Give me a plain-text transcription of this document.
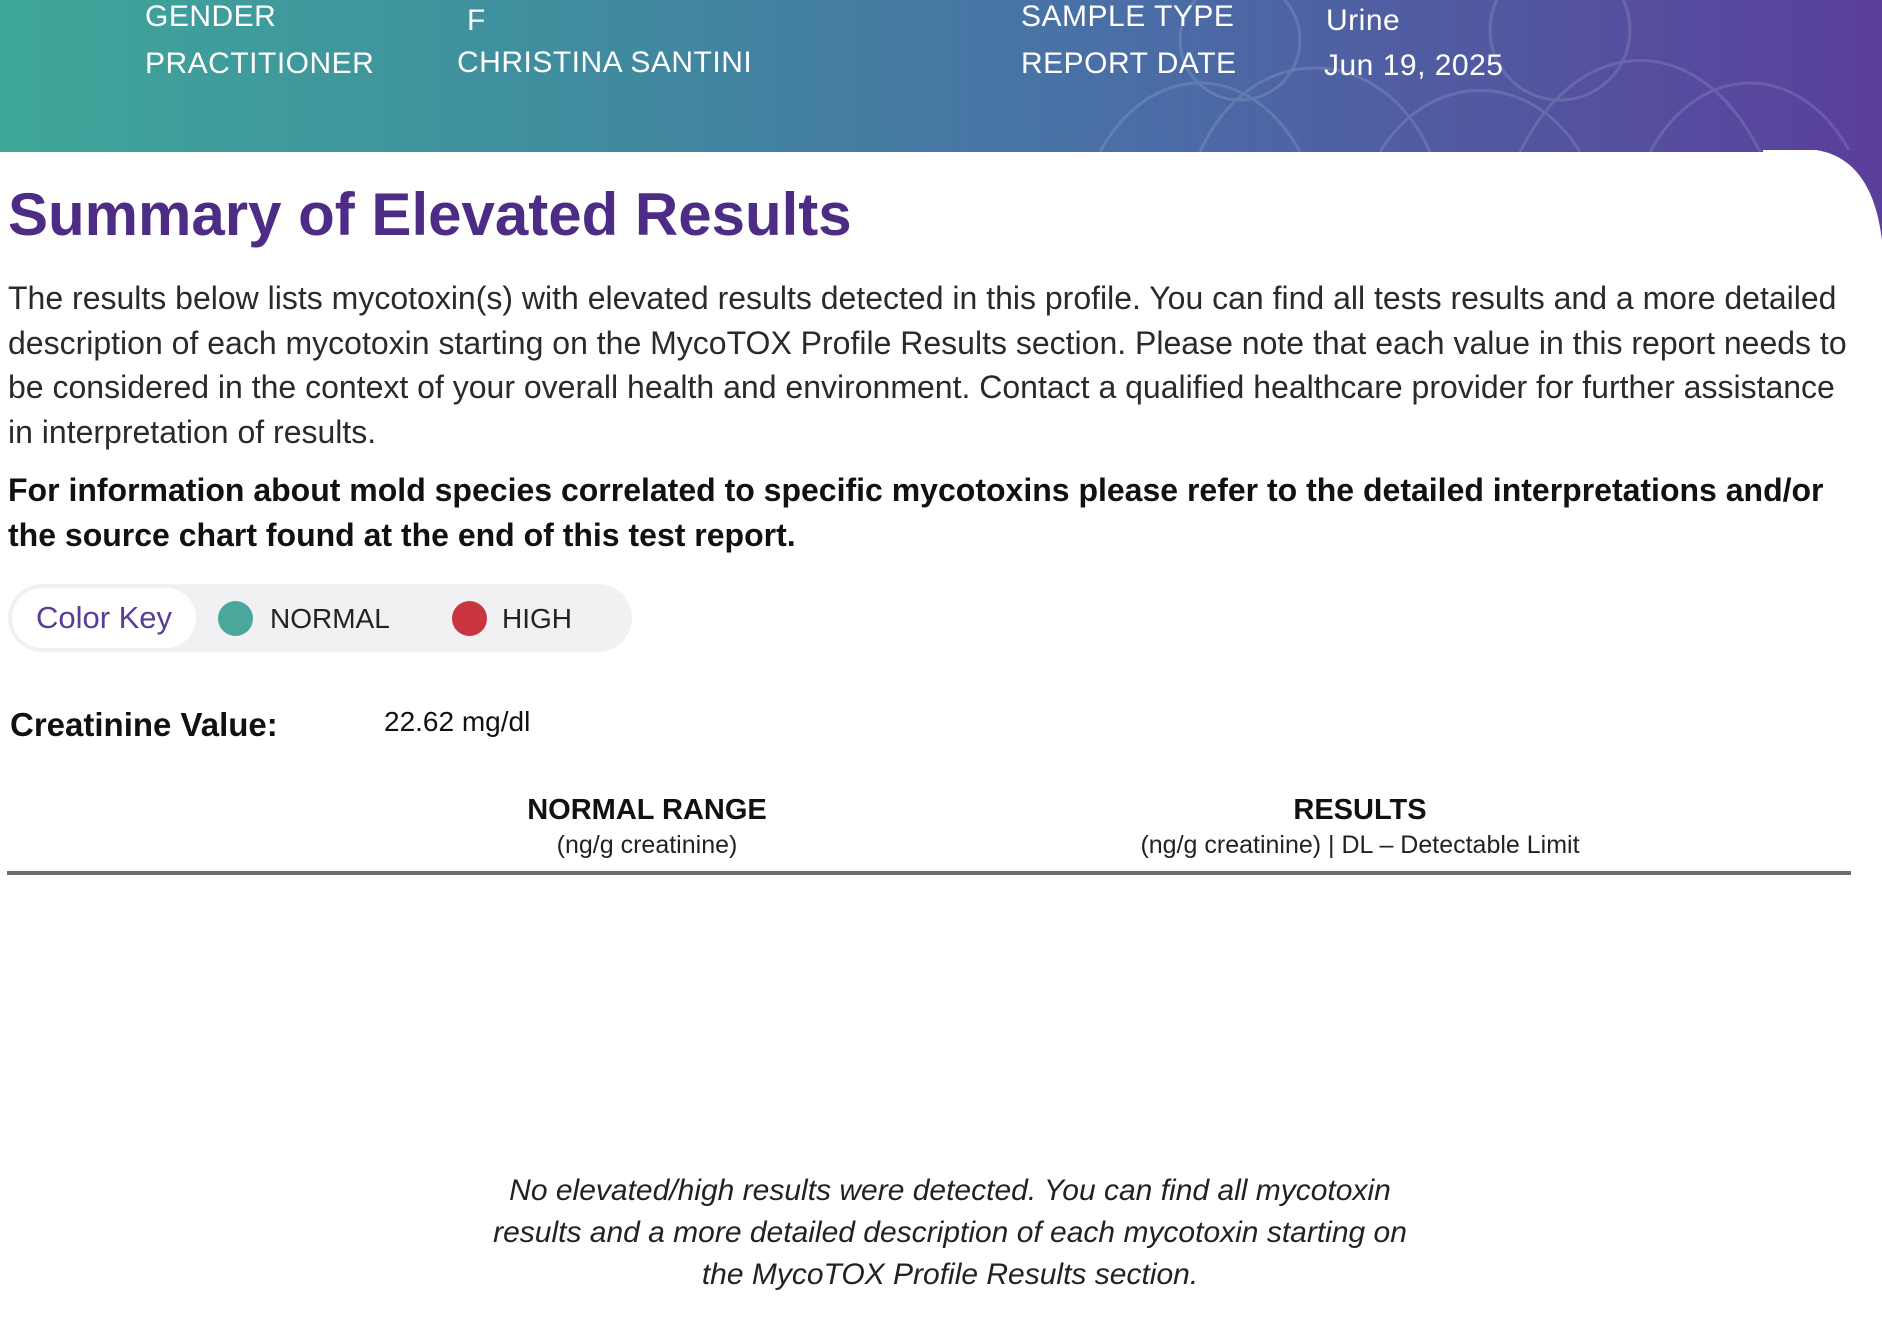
GENDER	F
PRACTITIONER	CHRISTINA SANTINI
SAMPLE TYPE	Urine
REPORT DATE	Jun 19, 2025
Summary of Elevated Results

The results below lists mycotoxin(s) with elevated results detected in this profile. You can find all tests results and a more detailed description of each mycotoxin starting on the MycoTOX Profile Results section. Please note that each value in this report needs to be considered in the context of your overall health and environment. Contact a qualified healthcare provider for further assistance in interpretation of results.

For information about mold species correlated to specific mycotoxins please refer to the detailed interpretations and/or the source chart found at the end of this test report.

Color Key	NORMAL	HIGH
Creatinine Value:	22.62 mg/dl
NORMAL RANGE
(ng/g creatinine)
RESULTS
(ng/g creatinine) | DL – Detectable Limit

No elevated/high results were detected. You can find all mycotoxin results and a more detailed description of each mycotoxin starting on the MycoTOX Profile Results section.
